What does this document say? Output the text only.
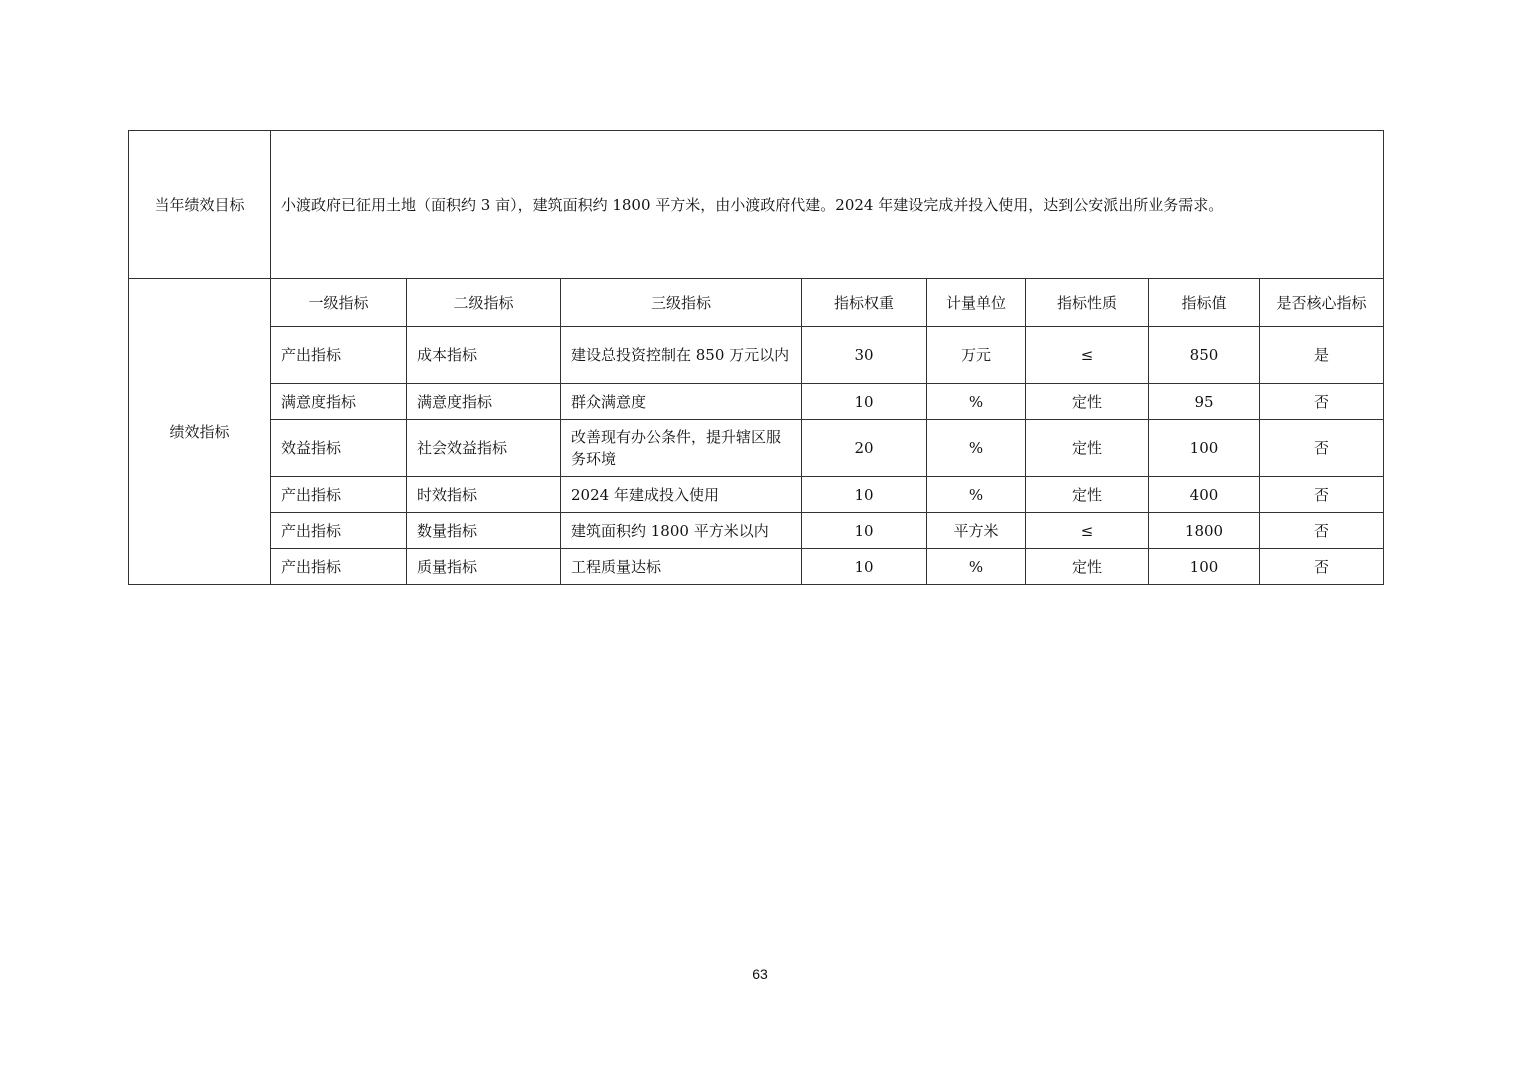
当年绩效目标	小渡政府已征用土地（面积约 3 亩），建筑面积约 1800 平方米，由小渡政府代建。2024 年建设完成并投入使用，达到公安派出所业务需求。							
绩效指标	一级指标	二级指标	三级指标	指标权重	计量单位	指标性质	指标值	是否核心指标
	产出指标	成本指标	建设总投资控制在 850 万元以内	30	万元	≤	850	是
	满意度指标	满意度指标	群众满意度	10	%	定性	95	否
	效益指标	社会效益指标	改善现有办公条件，提升辖区服务环境	20	%	定性	100	否
	产出指标	时效指标	2024 年建成投入使用	10	%	定性	400	否
	产出指标	数量指标	建筑面积约 1800 平方米以内	10	平方米	≤	1800	否
	产出指标	质量指标	工程质量达标	10	%	定性	100	否
63
